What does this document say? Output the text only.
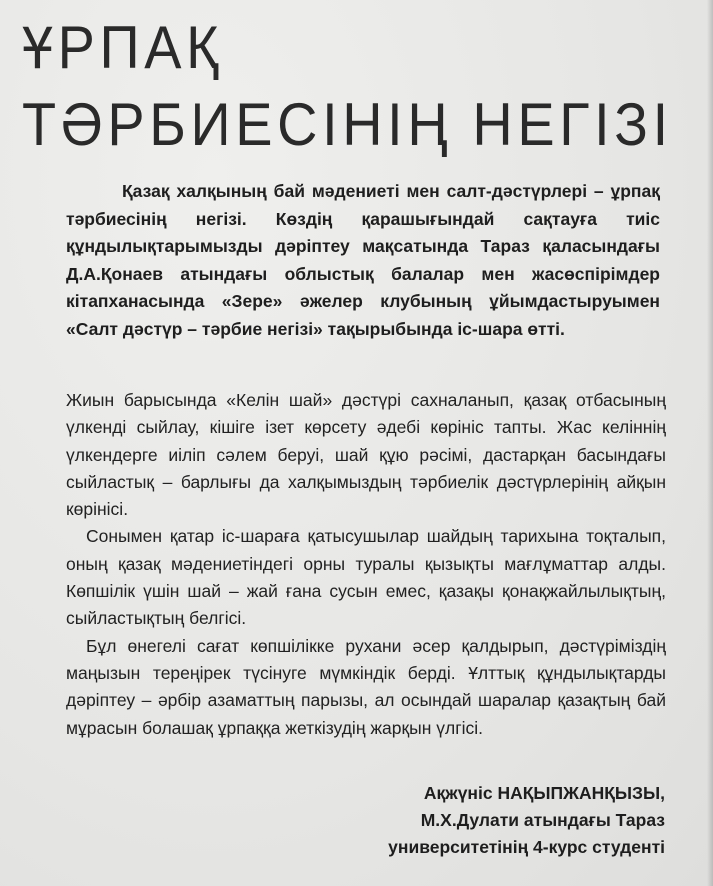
ҰРПАҚ
ТӘРБИЕСІНІҢ НЕГІЗІ

Қазақ халқының бай мәдениеті мен салт-дәстүрлері – ұрпақ тәрбиесінің негізі. Көздің қарашығындай сақтауға тиіс құндылықтарымызды дәріптеу мақсатында Тараз қаласындағы Д.А.Қонаев атындағы облыстық балалар мен жасөспірімдер кітапханасында «Зере» әжелер клубының ұйымдастыруымен «Салт дәстүр – тәрбие негізі» тақырыбында іс-шара өтті.

Жиын барысында «Келін шай» дәстүрі сахналанып, қазақ отбасының үлкенді сыйлау, кішіге ізет көрсету әдебі көрініс тапты. Жас келіннің үлкендерге иіліп сәлем беруі, шай құю рәсімі, дастарқан басындағы сыйластық – барлығы да халқымыздың тәрбиелік дәстүрлерінің айқын көрінісі.

Сонымен қатар іс-шараға қатысушылар шайдың тарихына тоқталып, оның қазақ мәдениетіндегі орны туралы қызықты мағлұматтар алды. Көпшілік үшін шай – жай ғана сусын емес, қазақы қонақжайлылықтың, сыйластықтың белгісі.

Бұл өнегелі сағат көпшілікке рухани әсер қалдырып, дәстүріміздің маңызын тереңірек түсінуге мүмкіндік берді. Ұлттық құндылықтарды дәріптеу – әрбір азаматтың парызы, ал осындай шаралар қазақтың бай мұрасын болашақ ұрпаққа жеткізудің жарқын үлгісі.

Ақжүніс НАҚЫПЖАНҚЫЗЫ,
М.Х.Дулати атындағы Тараз
университетінің 4-курс студенті
